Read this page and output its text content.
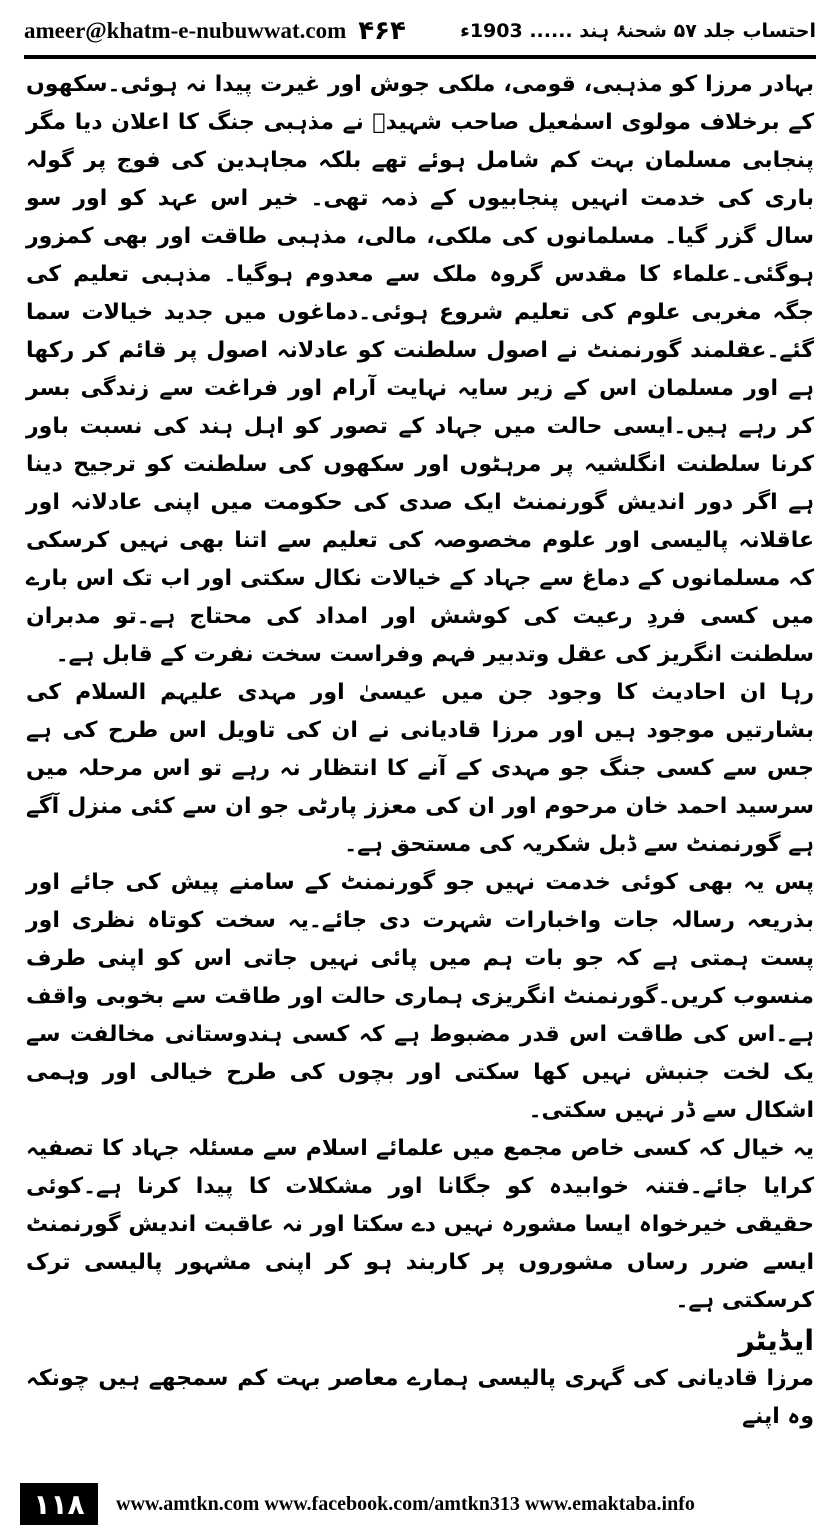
ameer@khatm-e-nubuwwat.com ۴۶۴	احتساب جلد ۵۷ شحنۂ ہند ...... 1903ء

بہادر مرزا کو مذہبی، قومی، ملکی جوش اور غیرت پیدا نہ ہوئی۔سکھوں کے برخلاف مولوی اسمٰعیل صاحب شہیدؒ نے مذہبی جنگ کا اعلان دیا مگر پنجابی مسلمان بہت کم شامل ہوئے تھے بلکہ مجاہدین کی فوج پر گولہ باری کی خدمت انہیں پنجابیوں کے ذمہ تھی۔ خیر اس عہد کو اور سو سال گزر گیا۔ مسلمانوں کی ملکی، مالی، مذہبی طاقت اور بھی کمزور ہوگئی۔علماء کا مقدس گروہ ملک سے معدوم ہوگیا۔ مذہبی تعلیم کی جگہ مغربی علوم کی تعلیم شروع ہوئی۔دماغوں میں جدید خیالات سما گئے۔عقلمند گورنمنٹ نے اصول سلطنت کو عادلانہ اصول پر قائم کر رکھا ہے اور مسلمان اس کے زیر سایہ نہایت آرام اور فراغت سے زندگی بسر کر رہے ہیں۔ایسی حالت میں جہاد کے تصور کو اہل ہند کی نسبت باور کرنا سلطنت انگلشیہ پر مرہٹوں اور سکھوں کی سلطنت کو ترجیح دینا ہے اگر دور اندیش گورنمنٹ ایک صدی کی حکومت میں اپنی عادلانہ اور عاقلانہ پالیسی اور علوم مخصوصہ کی تعلیم سے اتنا بھی نہیں کرسکی کہ مسلمانوں کے دماغ سے جہاد کے خیالات نکال سکتی اور اب تک اس بارے میں کسی فردِ رعیت کی کوشش اور امداد کی محتاج ہے۔تو مدبران سلطنت انگریز کی عقل وتدبیر فہم وفراست سخت نفرت کے قابل ہے۔

رہا ان احادیث کا وجود جن میں عیسیٰ اور مہدی علیہم السلام کی بشارتیں موجود ہیں اور مرزا قادیانی نے ان کی تاویل اس طرح کی ہے جس سے کسی جنگ جو مہدی کے آنے کا انتظار نہ رہے تو اس مرحلہ میں سرسید احمد خان مرحوم اور ان کی معزز پارٹی جو ان سے کئی منزل آگے ہے گورنمنٹ سے ڈبل شکریہ کی مستحق ہے۔

پس یہ بھی کوئی خدمت نہیں جو گورنمنٹ کے سامنے پیش کی جائے اور بذریعہ رسالہ جات واخبارات شہرت دی جائے۔یہ سخت کوتاہ نظری اور پست ہمتی ہے کہ جو بات ہم میں پائی نہیں جاتی اس کو اپنی طرف منسوب کریں۔گورنمنٹ انگریزی ہماری حالت اور طاقت سے بخوبی واقف ہے۔اس کی طاقت اس قدر مضبوط ہے کہ کسی ہندوستانی مخالفت سے یک لخت جنبش نہیں کھا سکتی اور بچوں کی طرح خیالی اور وہمی اشکال سے ڈر نہیں سکتی۔

یہ خیال کہ کسی خاص مجمع میں علمائے اسلام سے مسئلہ جہاد کا تصفیہ کرایا جائے۔فتنہ خوابیدہ کو جگانا اور مشکلات کا پیدا کرنا ہے۔کوئی حقیقی خیرخواہ ایسا مشورہ نہیں دے سکتا اور نہ عاقبت اندیش گورنمنٹ ایسے ضرر رساں مشوروں پر کاربند ہو کر اپنی مشہور پالیسی ترک کرسکتی ہے۔

ایڈیٹر

مرزا قادیانی کی گہری پالیسی ہمارے معاصر بہت کم سمجھے ہیں چونکہ وہ اپنے

۱۱۸	www.amtkn.com www.facebook.com/amtkn313 www.emaktaba.info
